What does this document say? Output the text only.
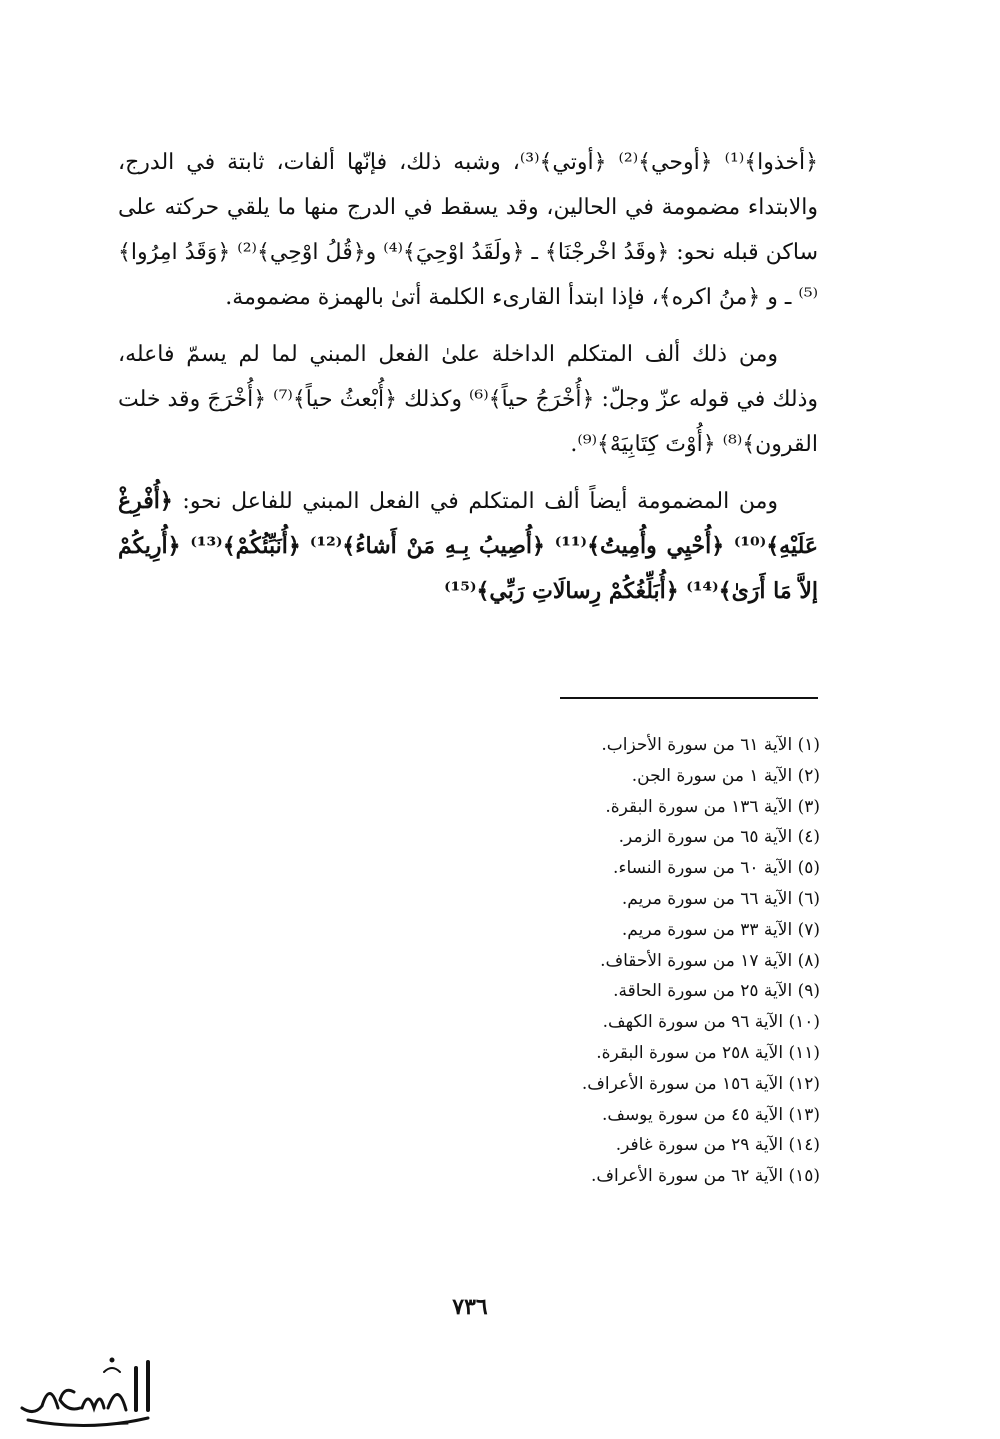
﴿أخذوا﴾⁽¹⁾ ﴿أوحي﴾⁽²⁾ ﴿أوتي﴾⁽³⁾، وشبه ذلك، فإنّها ألفات، ثابتة في الدرج، والابتداء مضمومة في الحالين، وقد يسقط في الدرج منها ما يلقي حركته على ساكن قبله نحو: ﴿وقَدُ اخْرجْنَا﴾ ـ ﴿ولَقَدُ اوْحِيَ﴾⁽⁴⁾ و﴿قُلُ اوْحِي﴾⁽²⁾ ﴿وَقَدُ امِرُوا﴾⁽⁵⁾ ـ و ﴿منُ اكره﴾، فإذا ابتدأ القارىء الكلمة أتىٰ بالهمزة مضمومة.

ومن ذلك ألف المتكلم الداخلة علىٰ الفعل المبني لما لم يسمّ فاعله، وذلك في قوله عزّ وجلّ: ﴿أُخْرَجُ حياً﴾⁽⁶⁾ وكذلك ﴿أُبْعثُ حياً﴾⁽⁷⁾ ﴿أُخْرَجَ وقد خلت القرون﴾⁽⁸⁾ ﴿أُوْتَ كِتَابِيَهْ﴾⁽⁹⁾.

ومن المضمومة أيضاً ألف المتكلم في الفعل المبني للفاعل نحو: ﴿أُفْرِغْ عَلَيْهِ﴾⁽¹⁰⁾ ﴿أُحْيِي وأُمِيتُ﴾⁽¹¹⁾ ﴿أُصِيبُ بِـهِ مَنْ أَشاءُ﴾⁽¹²⁾ ﴿أُنَبِّئُكُمْ﴾⁽¹³⁾ ﴿أُرِيكُمْ إلاَّ مَا أَرَىٰ﴾⁽¹⁴⁾ ﴿أُبَلِّغُكُمْ رِسالَاتِ رَبِّي﴾⁽¹⁵⁾

(١) الآية ٦١ من سورة الأحزاب.
(٢) الآية ١ من سورة الجن.
(٣) الآية ١٣٦ من سورة البقرة.
(٤) الآية ٦٥ من سورة الزمر.
(٥) الآية ٦٠ من سورة النساء.
(٦) الآية ٦٦ من سورة مريم.
(٧) الآية ٣٣ من سورة مريم.
(٨) الآية ١٧ من سورة الأحقاف.
(٩) الآية ٢٥ من سورة الحاقة.
(١٠) الآية ٩٦ من سورة الكهف.
(١١) الآية ٢٥٨ من سورة البقرة.
(١٢) الآية ١٥٦ من سورة الأعراف.
(١٣) الآية ٤٥ من سورة يوسف.
(١٤) الآية ٢٩ من سورة غافر.
(١٥) الآية ٦٢ من سورة الأعراف.
٧٣٦
